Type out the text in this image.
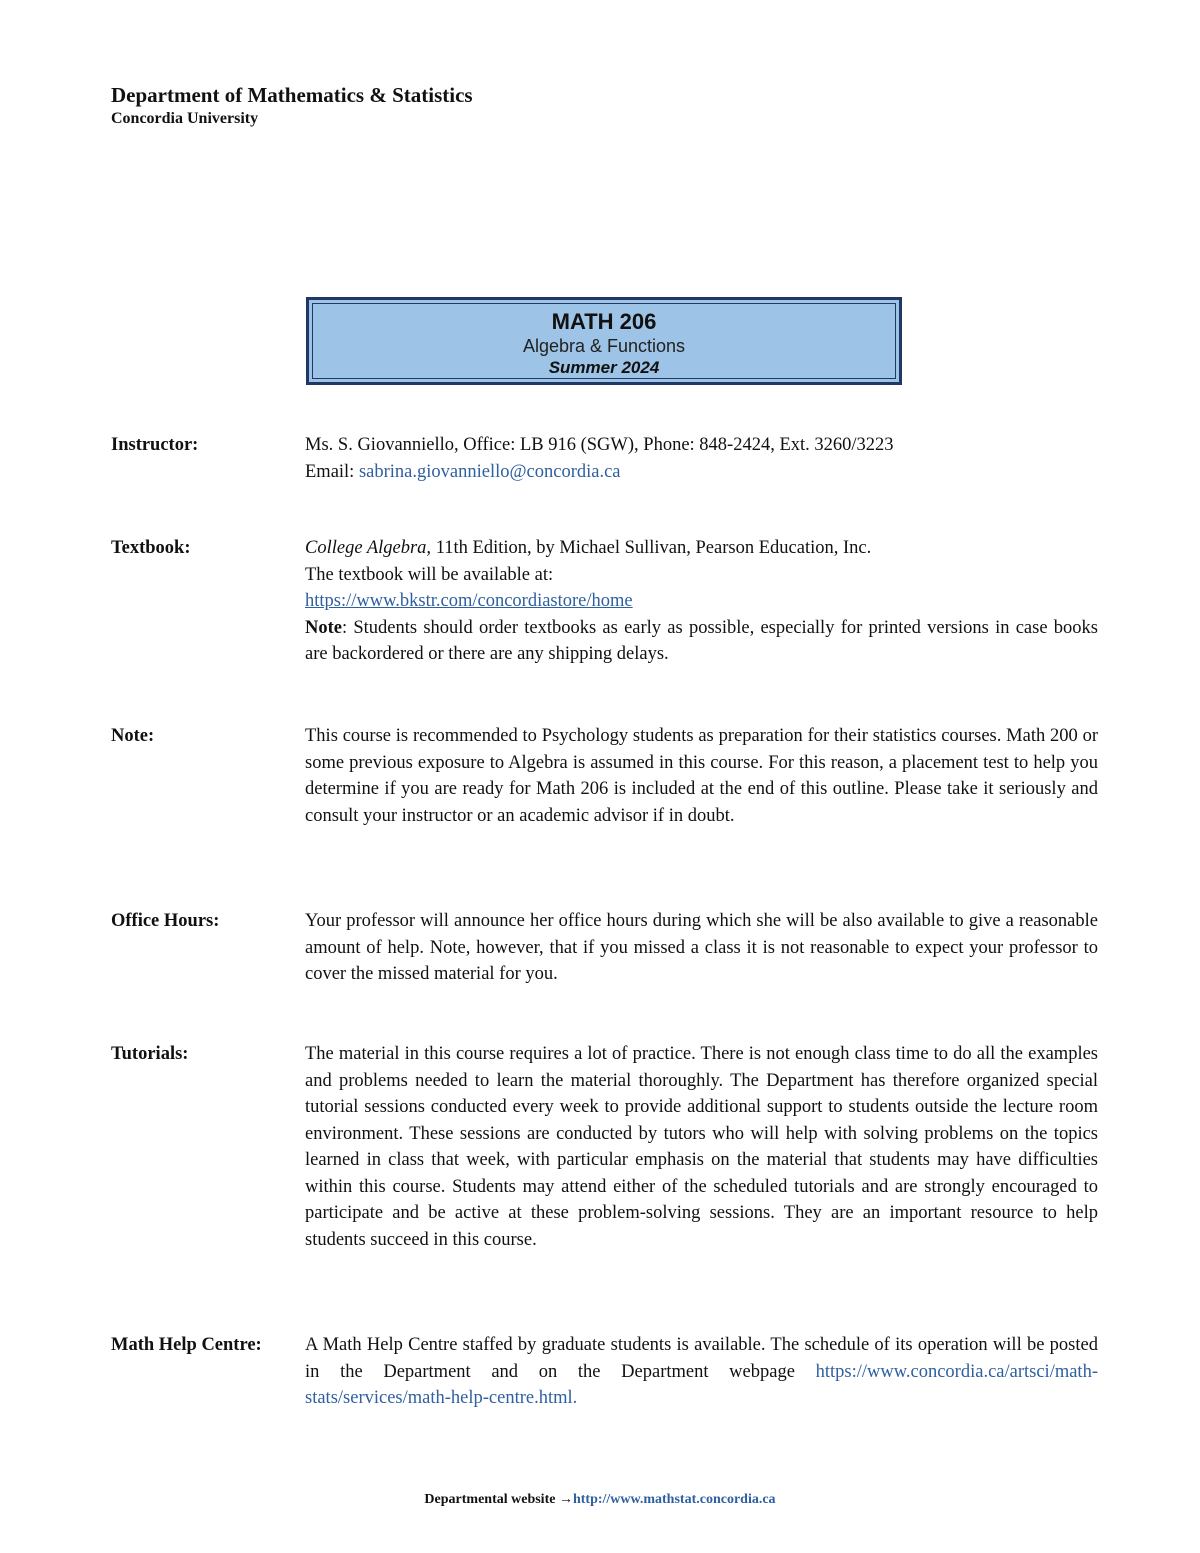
Department of Mathematics & Statistics
Concordia University
MATH 206
Algebra & Functions
Summer 2024
Instructor:	Ms. S. Giovanniello, Office: LB 916 (SGW), Phone: 848-2424, Ext. 3260/3223

Email: sabrina.giovanniello@concordia.ca

Textbook:	College Algebra, 11th Edition, by Michael Sullivan, Pearson Education, Inc.

The textbook will be available at:

https://www.bkstr.com/concordiastore/home

Note: Students should order textbooks as early as possible, especially for printed versions in case books are backordered or there are any shipping delays.

Note:	This course is recommended to Psychology students as preparation for their statistics courses. Math 200 or some previous exposure to Algebra is assumed in this course. For this reason, a placement test to help you determine if you are ready for Math 206 is included at the end of this outline. Please take it seriously and consult your instructor or an academic advisor if in doubt.

Office Hours:	Your professor will announce her office hours during which she will be also available to give a reasonable amount of help. Note, however, that if you missed a class it is not reasonable to expect your professor to cover the missed material for you.

Tutorials:	The material in this course requires a lot of practice. There is not enough class time to do all the examples and problems needed to learn the material thoroughly. The Department has therefore organized special tutorial sessions conducted every week to provide additional support to students outside the lecture room environment. These sessions are conducted by tutors who will help with solving problems on the topics learned in class that week, with particular emphasis on the material that students may have difficulties within this course. Students may attend either of the scheduled tutorials and are strongly encouraged to participate and be active at these problem-solving sessions. They are an important resource to help students succeed in this course.

Math Help Centre: A Math Help Centre staffed by graduate students is available. The schedule of its operation will be posted in the Department and on the Department webpage https://www.concordia.ca/artsci/math-stats/services/math-help-centre.html.

Departmental website →http://www.mathstat.concordia.ca
